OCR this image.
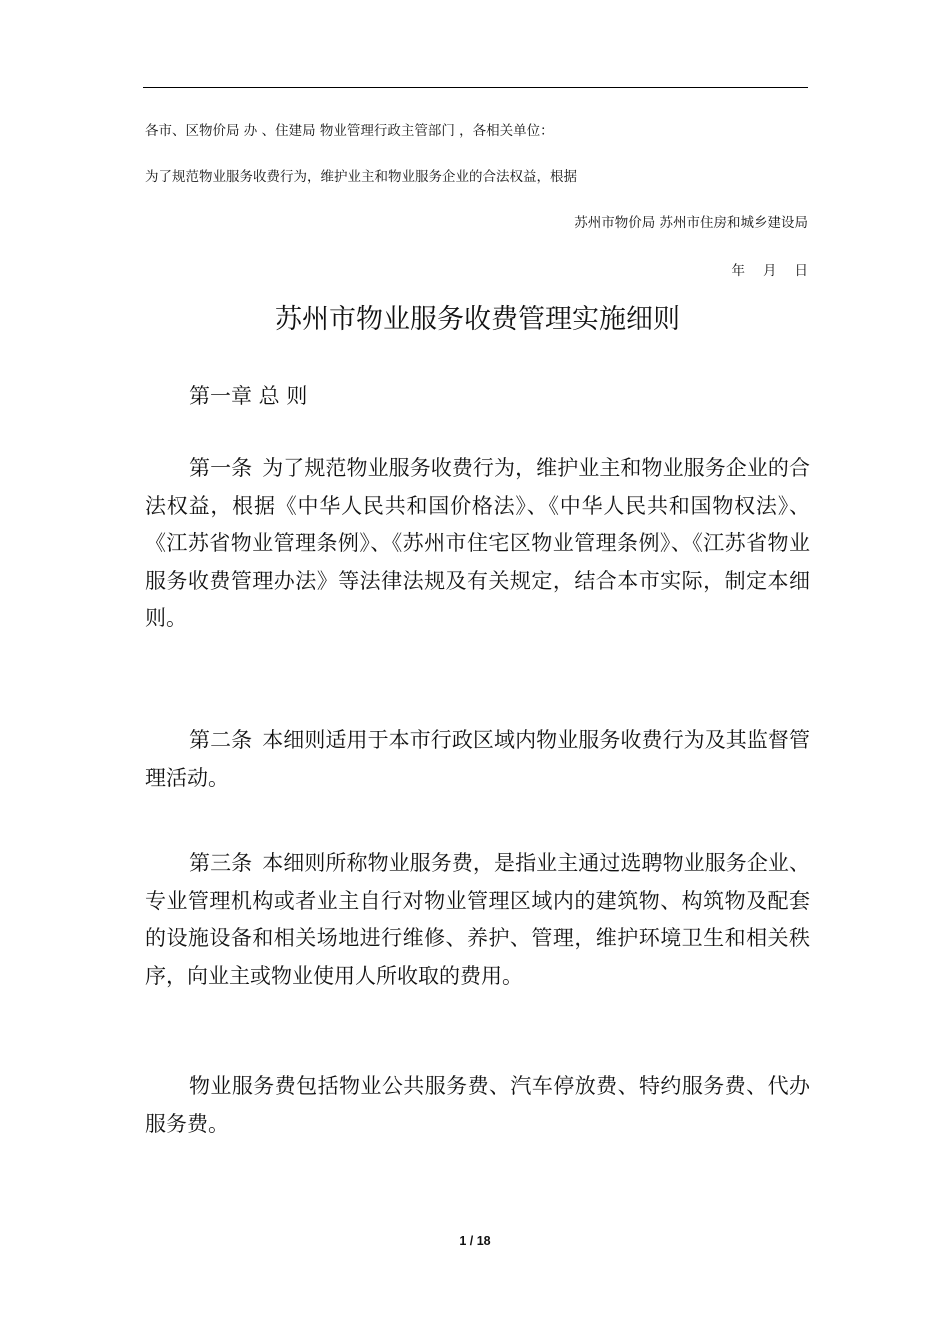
各市、区物价局 办 、住建局 物业管理行政主管部门 ，各相关单位：
为了规范物业服务收费行为，维护业主和物业服务企业的合法权益，根据
苏州市物价局 苏州市住房和城乡建设局
年 月 日
苏州市物业服务收费管理实施细则
第一章 总 则

第一条 为了规范物业服务收费行为，维护业主和物业服务企业的合法权益，根据《中华人民共和国价格法》、《中华人民共和国物权法》、《江苏省物业管理条例》、《苏州市住宅区物业管理条例》、《江苏省物业服务收费管理办法》等法律法规及有关规定，结合本市实际，制定本细则。

第二条 本细则适用于本市行政区域内物业服务收费行为及其监督管理活动。

第三条 本细则所称物业服务费，是指业主通过选聘物业服务企业、专业管理机构或者业主自行对物业管理区域内的建筑物、构筑物及配套的设施设备和相关场地进行维修、养护、管理，维护环境卫生和相关秩序，向业主或物业使用人所收取的费用。

物业服务费包括物业公共服务费、汽车停放费、特约服务费、代办服务费。

1 / 18
